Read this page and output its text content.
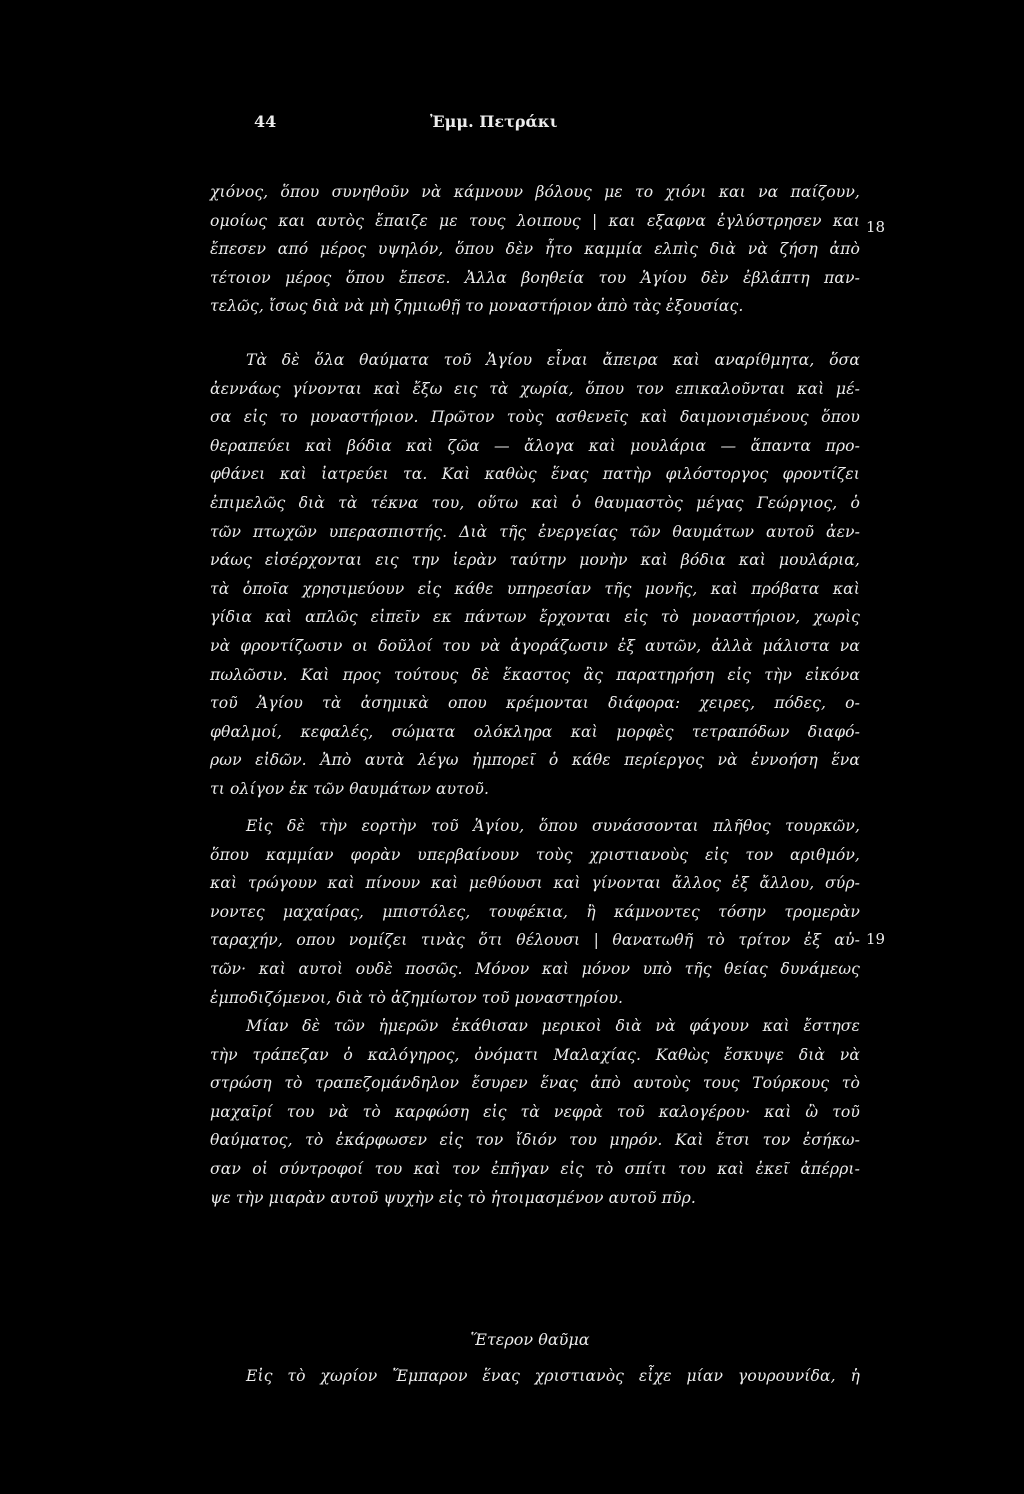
44	Ἐμμ. Πετράκι
18
19
χιόνος, ὅπου συνηθοῦν νὰ κάμνουν βόλους με το χιόνι και να παίζουν,
ομοίως και αυτὸς ἔπαιζε με τους λοιπους | και εξαφνα ἐγλύστρησεν και
ἔπεσεν από μέρος υψηλόν, ὅπου δὲν ἦτο καμμία ελπὶς διὰ νὰ ζήση ἀπὸ
τέτοιον μέρος ὅπου ἔπεσε. Ἀλλα βοηθεία του Ἁγίου δὲν ἐβλάπτη παν-
τελῶς, ἴσως διὰ νὰ μὴ ζημιωθῇ το μοναστήριον ἀπὸ τὰς ἐξουσίας.
Τὰ δὲ ὅλα θαύματα τοῦ Ἁγίου εἶναι ἄπειρα καὶ αναρίθμητα, ὅσα
ἀεννάως γίνονται καὶ ἔξω εις τὰ χωρία, ὅπου τον επικαλοῦνται καὶ μέ-
σα εἰς το μοναστήριον. Πρῶτον τοὺς ασθενεῖς καὶ δαιμονισμένους ὅπου
θεραπεύει καὶ βόδια καὶ ζῶα — ἄλογα καὶ μουλάρια — ἅπαντα προ-
φθάνει καὶ ἰατρεύει τα. Καὶ καθὼς ἕνας πατὴρ φιλόστοργος φροντίζει
ἐπιμελῶς διὰ τὰ τέκνα του, οὕτω καὶ ὁ θαυμαστὸς μέγας Γεώργιος, ὁ
τῶν πτωχῶν υπερασπιστής. Διὰ τῆς ἐνεργείας τῶν θαυμάτων αυτοῦ ἀεν-
νάως εἰσέρχονται εις την ἱερὰν ταύτην μονὴν καὶ βόδια καὶ μουλάρια,
τὰ ὁποῖα χρησιμεύουν εἰς κάθε υπηρεσίαν τῆς μονῆς, καὶ πρόβατα καὶ
γίδια καὶ απλῶς εἰπεῖν εκ πάντων ἔρχονται εἰς τὸ μοναστήριον, χωρὶς
νὰ φροντίζωσιν οι δοῦλοί του νὰ ἀγοράζωσιν ἐξ αυτῶν, ἀλλὰ μάλιστα να
πωλῶσιν. Καὶ προς τούτους δὲ ἕκαστος ἂς παρατηρήση εἰς τὴν εἰκόνα
τοῦ Ἁγίου τὰ ἀσημικὰ οπου κρέμονται διάφορα: χειρες, πόδες, ο-
φθαλμοί, κεφαλές, σώματα ολόκληρα καὶ μορφὲς τετραπόδων διαφό-
ρων εἰδῶν. Ἀπὸ αυτὰ λέγω ἠμπορεῖ ὁ κάθε περίεργος νὰ ἐννοήση ἕνα
τι ολίγον ἐκ τῶν θαυμάτων αυτοῦ.
Εἰς δὲ τὴν εορτὴν τοῦ Ἁγίου, ὅπου συνάσσονται πλῆθος τουρκῶν,
ὅπου καμμίαν φορὰν υπερβαίνουν τοὺς χριστιανοὺς εἰς τον αριθμόν,
καὶ τρώγουν καὶ πίνουν καὶ μεθύουσι καὶ γίνονται ἄλλος ἐξ ἄλλου, σύρ-
νοντες μαχαίρας, μπιστόλες, τουφέκια, ἢ κάμνοντες τόσην τρομερὰν
ταραχήν, οπου νομίζει τινὰς ὅτι θέλουσι | θανατωθῆ τὸ τρίτον ἐξ αὐ-
τῶν· καὶ αυτοὶ ουδὲ ποσῶς. Μόνον καὶ μόνον υπὸ τῆς θείας δυνάμεως
ἐμποδιζόμενοι, διὰ τὸ ἀζημίωτον τοῦ μοναστηρίου.
Μίαν δὲ τῶν ἡμερῶν ἐκάθισαν μερικοὶ διὰ νὰ φάγουν καὶ ἔστησε
τὴν τράπεζαν ὁ καλόγηρος, ὀνόματι Μαλαχίας. Καθὼς ἔσκυψε διὰ νὰ
στρώση τὸ τραπεζομάνδηλον ἔσυρεν ἕνας ἀπὸ αυτοὺς τους Τούρκους τὸ
μαχαῖρί του νὰ τὸ καρφώση εἰς τὰ νεφρὰ τοῦ καλογέρου· καὶ ὢ τοῦ
θαύματος, τὸ ἐκάρφωσεν εἰς τον ἴδιόν του μηρόν. Καὶ ἔτσι τον ἐσήκω-
σαν οἱ σύντροφοί του καὶ τον ἐπῆγαν εἰς τὸ σπίτι του καὶ ἐκεῖ ἀπέρρι-
ψε τὴν μιαρὰν αυτοῦ ψυχὴν εἰς τὸ ἡτοιμασμένον αυτοῦ πῦρ.
Ἕτερον θαῦμα
Εἰς τὸ χωρίον Ἔμπαρον ἕνας χριστιανὸς εἶχε μίαν γουρουνίδα, ἡ
